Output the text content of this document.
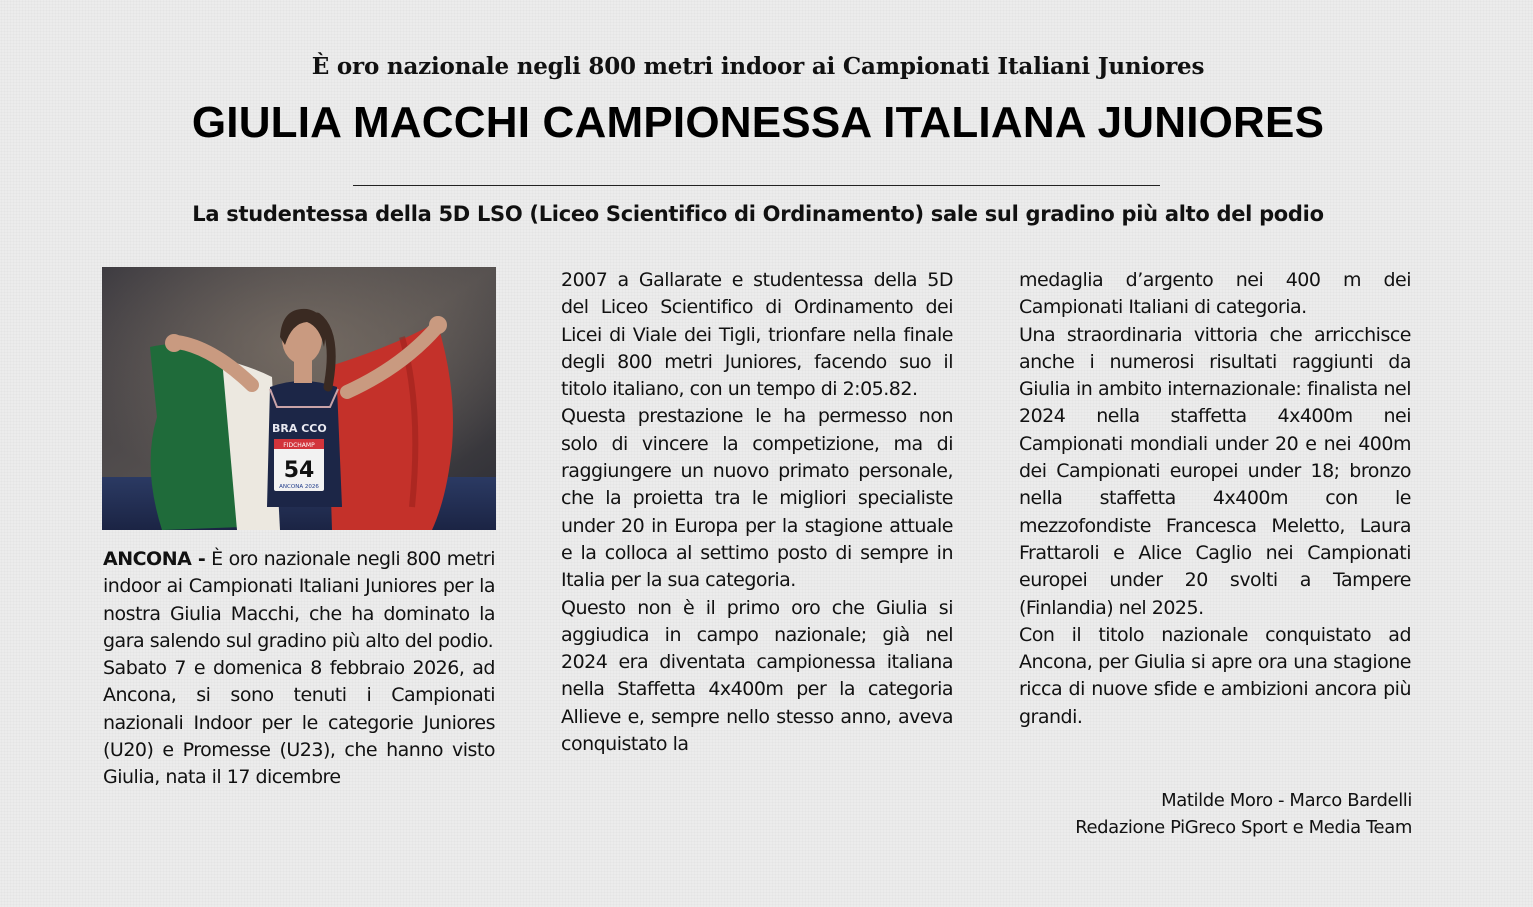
È oro nazionale negli 800 metri indoor ai Campionati Italiani Juniores
GIULIA MACCHI CAMPIONESSA ITALIANA JUNIORES
La studentessa della 5D LSO (Liceo Scientifico di Ordinamento) sale sul gradino più alto del podio
BRA CCO
FIDCHAMP
54
ANCONA 2026

ANCONA - È oro nazionale negli 800 metri indoor ai Campionati Italiani Juniores per la nostra Giulia Macchi, che ha dominato la gara salendo sul gradino più alto del podio.

Sabato 7 e domenica 8 febbraio 2026, ad Ancona, si sono tenuti i Campionati nazionali Indoor per le categorie Juniores (U20) e Promesse (U23), che hanno visto Giulia, nata il 17 dicembre

2007 a Gallarate e studentessa della 5D del Liceo Scientifico di Ordinamento dei Licei di Viale dei Tigli, trionfare nella finale degli 800 metri Juniores, facendo suo il titolo italiano, con un tempo di 2:05.82.

Questa prestazione le ha permesso non solo di vincere la competizione, ma di raggiungere un nuovo primato personale, che la proietta tra le migliori specialiste under 20 in Europa per la stagione attuale e la colloca al settimo posto di sempre in Italia per la sua categoria.

Questo non è il primo oro che Giulia si aggiudica in campo nazionale; già nel 2024 era diventata campionessa italiana nella Staffetta 4x400m per la categoria Allieve e, sempre nello stesso anno, aveva conquistato la

medaglia d’argento nei 400 m dei Campionati Italiani di categoria.

Una straordinaria vittoria che arricchisce anche i numerosi risultati raggiunti da Giulia in ambito internazionale: finalista nel 2024 nella staffetta 4x400m nei Campionati mondiali under 20 e nei 400m dei Campionati europei under 18; bronzo nella staffetta 4x400m con le mezzofondiste Francesca Meletto, Laura Frattaroli e Alice Caglio nei Campionati europei under 20 svolti a Tampere (Finlandia) nel 2025.

Con il titolo nazionale conquistato ad Ancona, per Giulia si apre ora una stagione ricca di nuove sfide e ambizioni ancora più grandi.

Matilde Moro - Marco Bardelli
Redazione PiGreco Sport e Media Team
